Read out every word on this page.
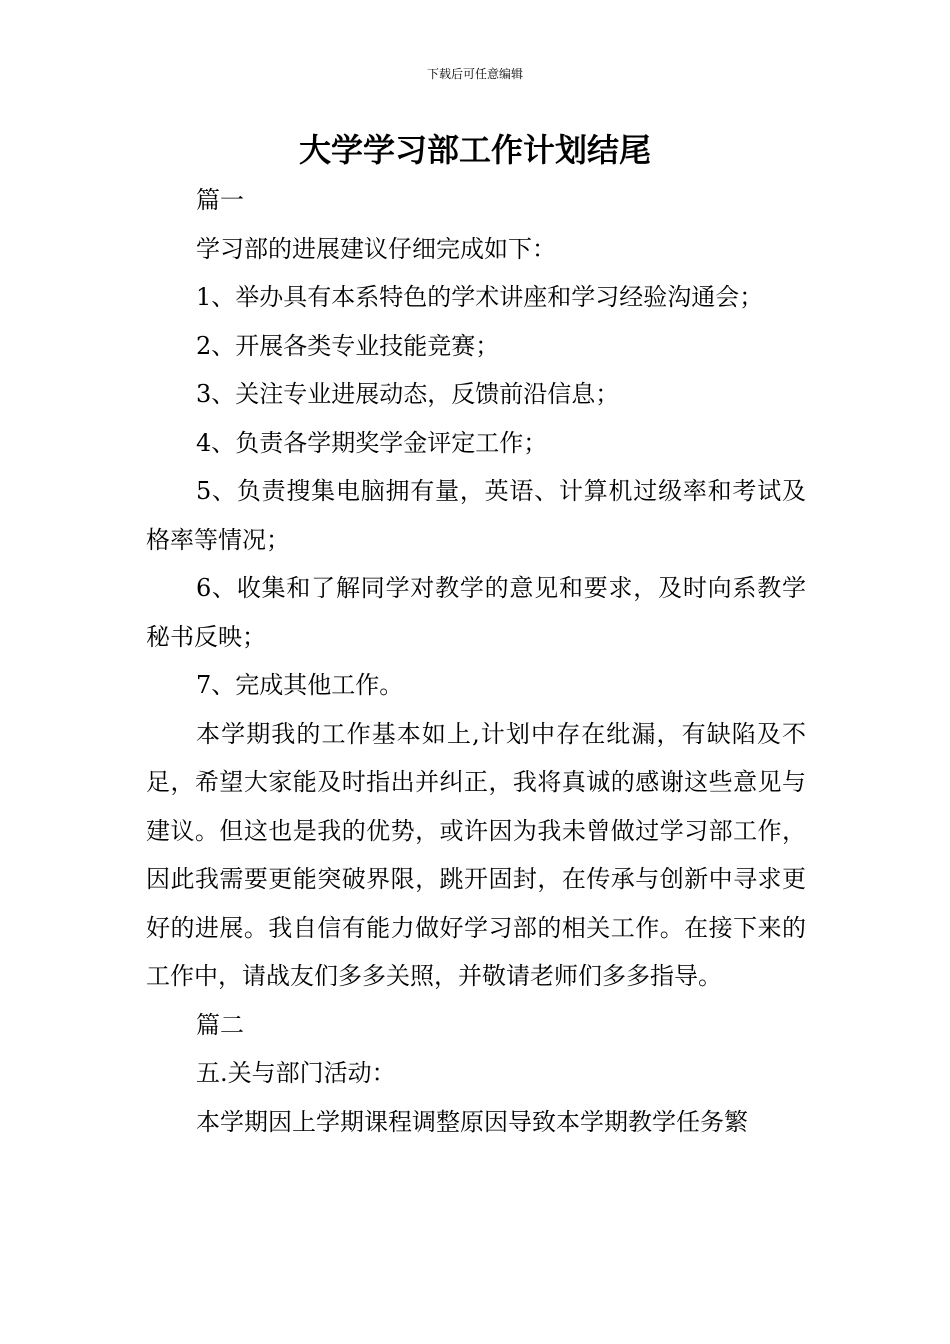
下载后可任意编辑
大学学习部工作计划结尾

篇一

学习部的进展建议仔细完成如下：

1、举办具有本系特色的学术讲座和学习经验沟通会；

2、开展各类专业技能竞赛；

3、关注专业进展动态，反馈前沿信息；

4、负责各学期奖学金评定工作；

5、负责搜集电脑拥有量，英语、计算机过级率和考试及格率等情况；

6、收集和了解同学对教学的意见和要求，及时向系教学秘书反映；

7、完成其他工作。

本学期我的工作基本如上,计划中存在纰漏，有缺陷及不足，希望大家能及时指出并纠正，我将真诚的感谢这些意见与建议。但这也是我的优势，或许因为我未曾做过学习部工作，因此我需要更能突破界限，跳开固封，在传承与创新中寻求更好的进展。我自信有能力做好学习部的相关工作。在接下来的工作中，请战友们多多关照，并敬请老师们多多指导。

篇二

五.关与部门活动：

本学期因上学期课程调整原因导致本学期教学任务繁
